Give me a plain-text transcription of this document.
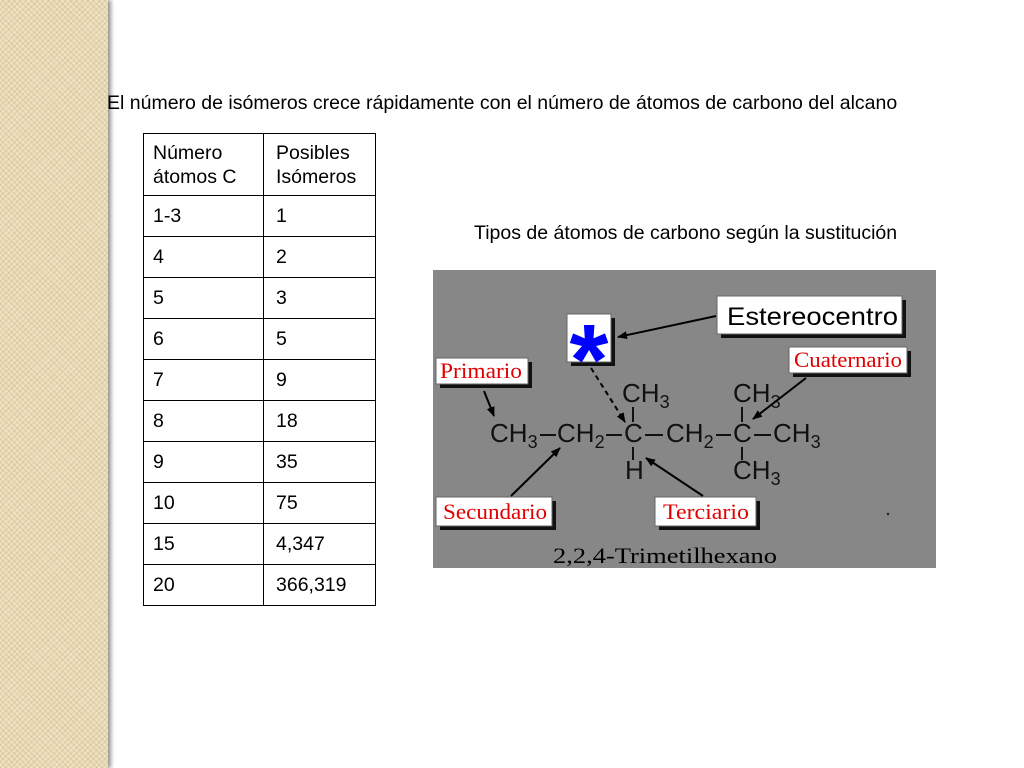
El número de isómeros crece rápidamente con el número de átomos de carbono del alcano
Número átomos C	Posibles Isómeros
1-3	1
4	2
5	3
6	5
7	9
8	18
9	35
10	75
15	4,347
20	366,319
Tipos de átomos de carbono según la sustitución
Estereocentro
*
Primario	Cuaternario
Secundario	Terciario
$CH_3$ $CH_2$ C $CH_2$ C $CH_3$
$CH_3$
H
$CH_3$
$CH_3$
2,2,4-Trimetilhexano
